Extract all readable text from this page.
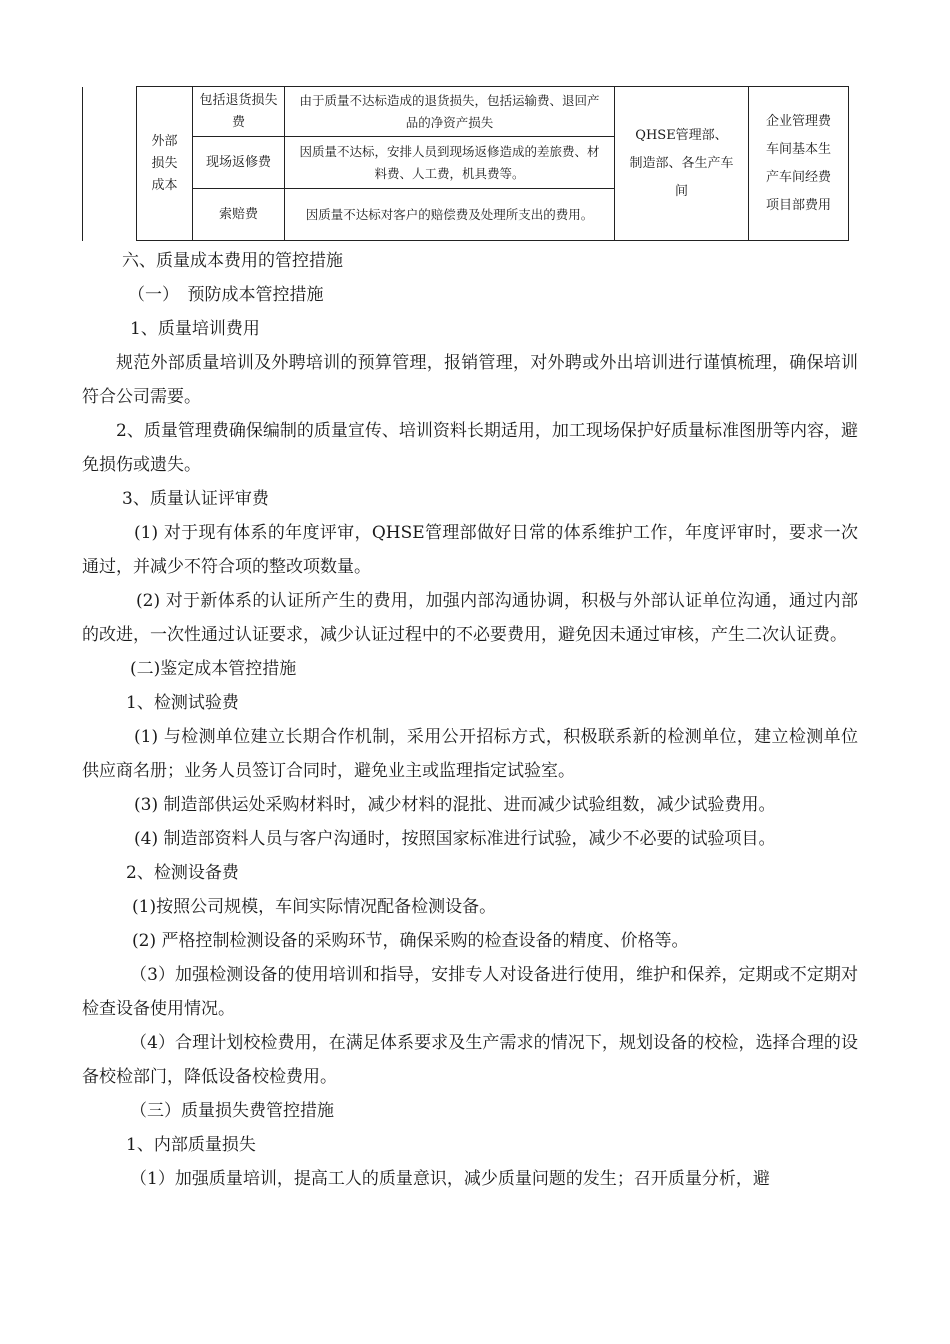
	外部损失成本	包括退货损失费	由于质量不达标造成的退货损失，包括运输费、退回产品的净资产损失	QHSE管理部、制造部、各生产车间	企业管理费车间基本生产车间经费项目部费用
		现场返修费	因质量不达标，安排人员到现场返修造成的差旅费、材料费、人工费，机具费等。		
		索赔费	因质量不达标对客户的赔偿费及处理所支出的费用。		

六、质量成本费用的管控措施

（一）　预防成本管控措施

1、质量培训费用

规范外部质量培训及外聘培训的预算管理，报销管理，对外聘或外出培训进行谨慎梳理，确保培训符合公司需要。

2、质量管理费确保编制的质量宣传、培训资料长期适用，加工现场保护好质量标准图册等内容，避免损伤或遗失。

3、质量认证评审费

(1) 对于现有体系的年度评审，QHSE管理部做好日常的体系维护工作，年度评审时，要求一次通过，并减少不符合项的整改项数量。

(2) 对于新体系的认证所产生的费用，加强内部沟通协调，积极与外部认证单位沟通，通过内部的改进，一次性通过认证要求，减少认证过程中的不必要费用，避免因未通过审核，产生二次认证费。

(二)鉴定成本管控措施

1、检测试验费

(1) 与检测单位建立长期合作机制，采用公开招标方式，积极联系新的检测单位，建立检测单位供应商名册；业务人员签订合同时，避免业主或监理指定试验室。

(3) 制造部供运处采购材料时，减少材料的混批、进而减少试验组数，减少试验费用。

(4) 制造部资料人员与客户沟通时，按照国家标准进行试验，减少不必要的试验项目。

2、检测设备费

(1)按照公司规模，车间实际情况配备检测设备。

(2) 严格控制检测设备的采购环节，确保采购的检查设备的精度、价格等。

（3）加强检测设备的使用培训和指导，安排专人对设备进行使用，维护和保养，定期或不定期对检查设备使用情况。

（4）合理计划校检费用，在满足体系要求及生产需求的情况下，规划设备的校检，选择合理的设备校检部门，降低设备校检费用。

（三）质量损失费管控措施

1、内部质量损失

（1）加强质量培训，提高工人的质量意识，减少质量问题的发生；召开质量分析，避
